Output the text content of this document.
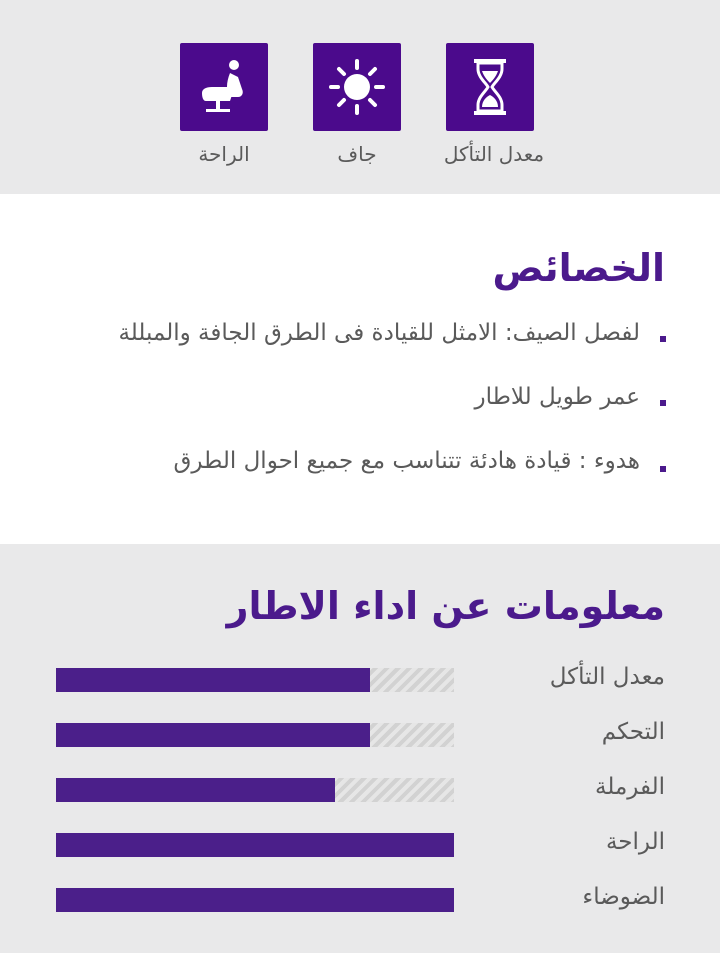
الراحة	جاف	معدل التأكل
الخصائص
لفصل الصيف: الامثل للقيادة فى الطرق الجافة والمبللة
عمر طويل للاطار
هدوء : قيادة هادئة تتناسب مع جميع احوال الطرق
معلومات عن اداء الاطار
معدل التأكل
التحكم
الفرملة
الراحة
الضوضاء
